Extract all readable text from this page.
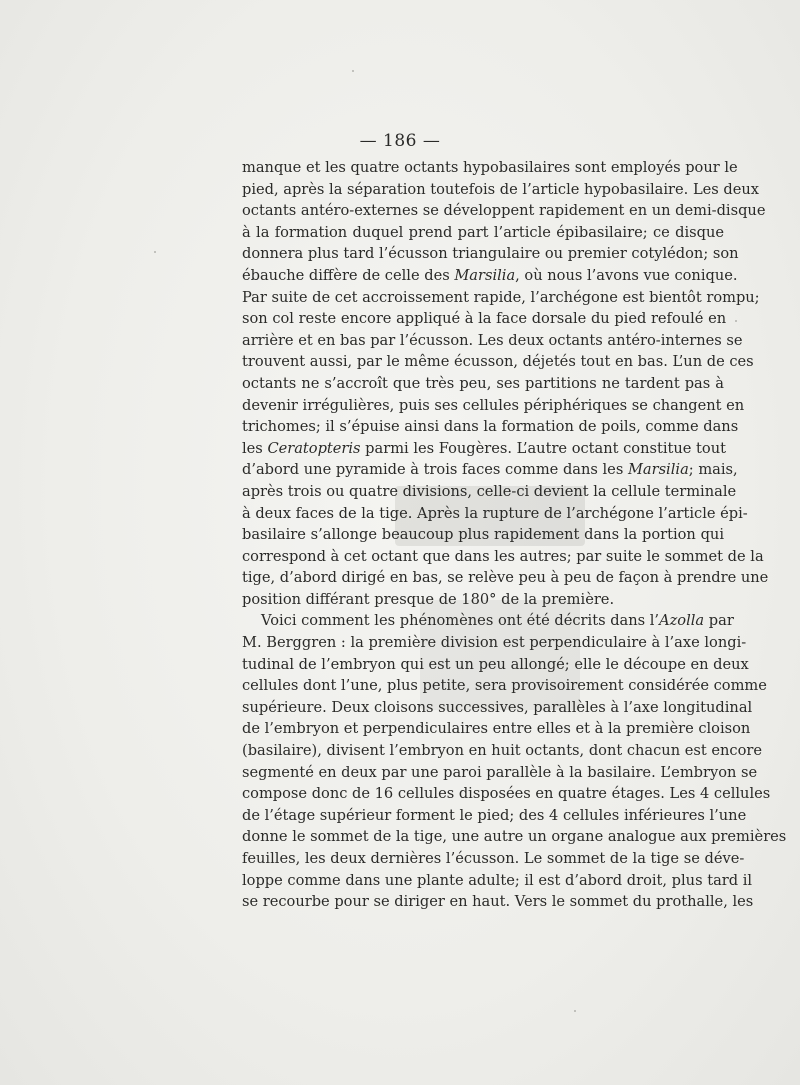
— 186 —
manque et les quatre octants hypobasilaires sont employés pour le
pied, après la séparation toutefois de l’article hypobasilaire. Les deux
octants antéro-externes se développent rapidement en un demi-disque
à la formation duquel prend part l’article épibasilaire; ce disque
donnera plus tard l’écusson triangulaire ou premier cotylédon; son
ébauche diffère de celle des Marsilia, où nous l’avons vue conique.
Par suite de cet accroissement rapide, l’archégone est bientôt rompu;
son col reste encore appliqué à la face dorsale du pied refoulé en
arrière et en bas par l’écusson. Les deux octants antéro-internes se
trouvent aussi, par le même écusson, déjetés tout en bas. L’un de ces
octants ne s’accroît que très peu, ses partitions ne tardent pas à
devenir irrégulières, puis ses cellules périphériques se changent en
trichomes; il s’épuise ainsi dans la formation de poils, comme dans
les Ceratopteris parmi les Fougères. L’autre octant constitue tout
d’abord une pyramide à trois faces comme dans les Marsilia; mais,
après trois ou quatre divisions, celle-ci devient la cellule terminale
à deux faces de la tige. Après la rupture de l’archégone l’article épi-
basilaire s’allonge beaucoup plus rapidement dans la portion qui
correspond à cet octant que dans les autres; par suite le sommet de la
tige, d’abord dirigé en bas, se relève peu à peu de façon à prendre une
position différant presque de 180° de la première.
Voici comment les phénomènes ont été décrits dans l’Azolla par
M. Berggren : la première division est perpendiculaire à l’axe longi-
tudinal de l’embryon qui est un peu allongé; elle le découpe en deux
cellules dont l’une, plus petite, sera provisoirement considérée comme
supérieure. Deux cloisons successives, parallèles à l’axe longitudinal
de l’embryon et perpendiculaires entre elles et à la première cloison
(basilaire), divisent l’embryon en huit octants, dont chacun est encore
segmenté en deux par une paroi parallèle à la basilaire. L’embryon se
compose donc de 16 cellules disposées en quatre étages. Les 4 cellules
de l’étage supérieur forment le pied; des 4 cellules inférieures l’une
donne le sommet de la tige, une autre un organe analogue aux premières
feuilles, les deux dernières l’écusson. Le sommet de la tige se déve-
loppe comme dans une plante adulte; il est d’abord droit, plus tard il
se recourbe pour se diriger en haut. Vers le sommet du prothalle, les
